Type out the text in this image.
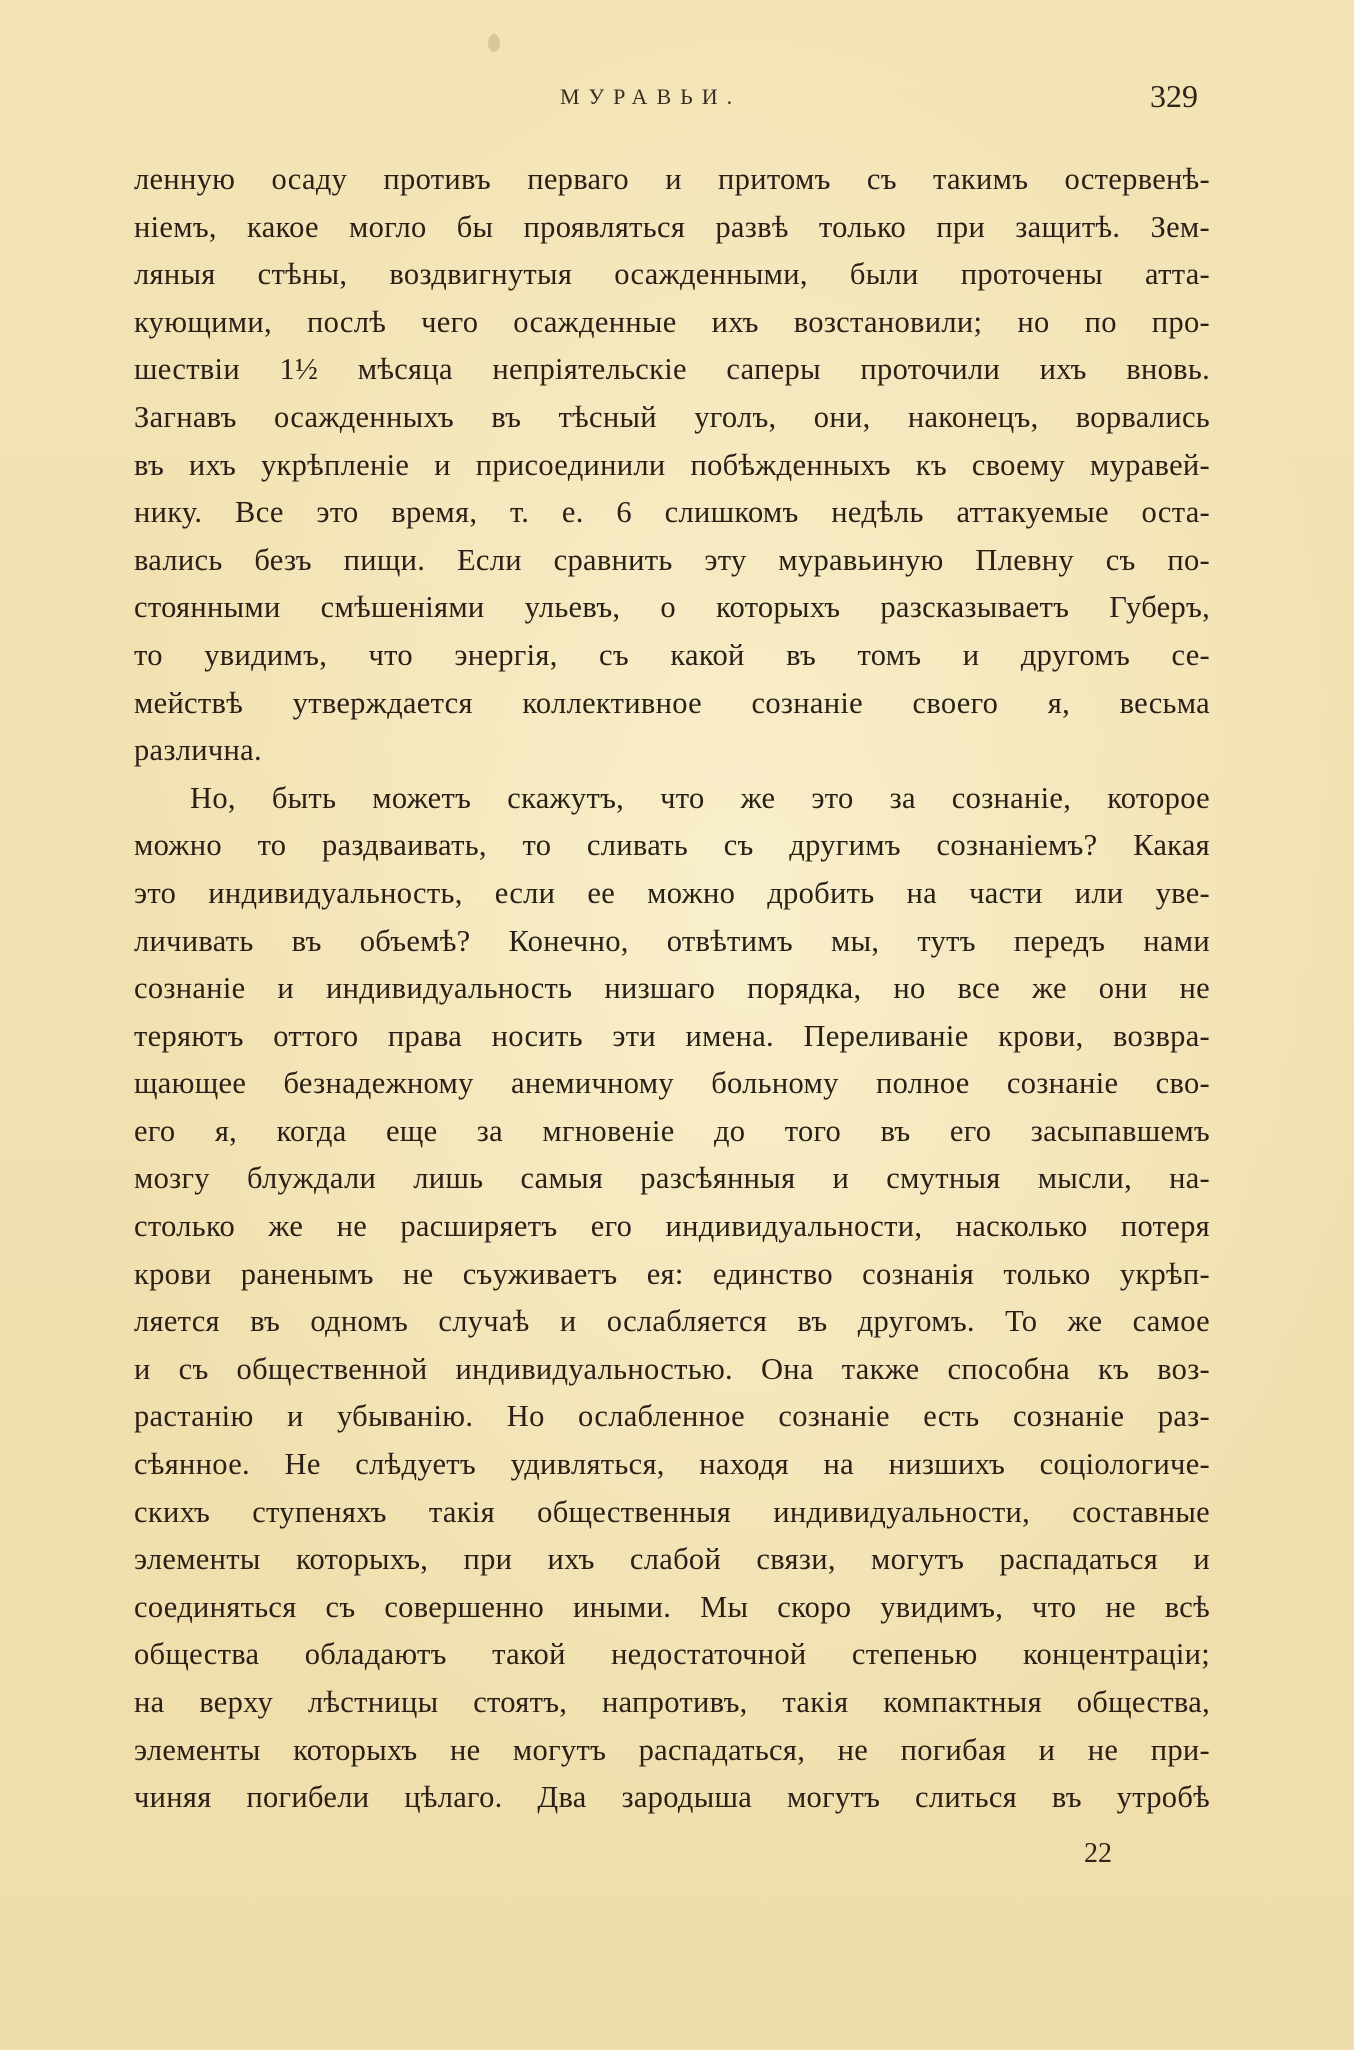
МУРАВЬИ.	329
ленную осаду противъ перваго и притомъ съ такимъ остервенѣ-
ніемъ, какое могло бы проявляться развѣ только при защитѣ. Зем-
ляныя стѣны, воздвигнутыя осажденными, были проточены атта-
кующими, послѣ чего осажденные ихъ возстановили; но по про-
шествіи 1½ мѣсяца непріятельскіе саперы проточили ихъ вновь.
Загнавъ осажденныхъ въ тѣсный уголъ, они, наконецъ, ворвались
въ ихъ укрѣпленіе и присоединили побѣжденныхъ къ своему муравей-
нику. Все это время, т. е. 6 слишкомъ недѣль аттакуемые оста-
вались безъ пищи. Если сравнить эту муравьиную Плевну съ по-
стоянными смѣшеніями ульевъ, о которыхъ разсказываетъ Губеръ,
то увидимъ, что энергія, съ какой въ томъ и другомъ се-
мействѣ утверждается коллективное сознаніе своего я, весьма
различна.
Но, быть можетъ скажутъ, что же это за сознаніе, которое
можно то раздваивать, то сливать съ другимъ сознаніемъ? Какая
это индивидуальность, если ее можно дробить на части или уве-
личивать въ объемѣ? Конечно, отвѣтимъ мы, тутъ передъ нами
сознаніе и индивидуальность низшаго порядка, но все же они не
теряютъ оттого права носить эти имена. Переливаніе крови, возвра-
щающее безнадежному анемичному больному полное сознаніе сво-
его я, когда еще за мгновеніе до того въ его засыпавшемъ
мозгу блуждали лишь самыя разсѣянныя и смутныя мысли, на-
столько же не расширяетъ его индивидуальности, насколько потеря
крови раненымъ не съуживаетъ ея: единство сознанія только укрѣп-
ляется въ одномъ случаѣ и ослабляется въ другомъ. То же самое
и съ общественной индивидуальностью. Она также способна къ воз-
растанію и убыванію. Но ослабленное сознаніе есть сознаніе раз-
сѣянное. Не слѣдуетъ удивляться, находя на низшихъ соціологиче-
скихъ ступеняхъ такія общественныя индивидуальности, составные
элементы которыхъ, при ихъ слабой связи, могутъ распадаться и
соединяться съ совершенно иными. Мы скоро увидимъ, что не всѣ
общества обладаютъ такой недостаточной степенью концентраціи;
на верху лѣстницы стоятъ, напротивъ, такія компактныя общества,
элементы которыхъ не могутъ распадаться, не погибая и не при-
чиняя погибели цѣлаго. Два зародыша могутъ слиться въ утробѣ
22
